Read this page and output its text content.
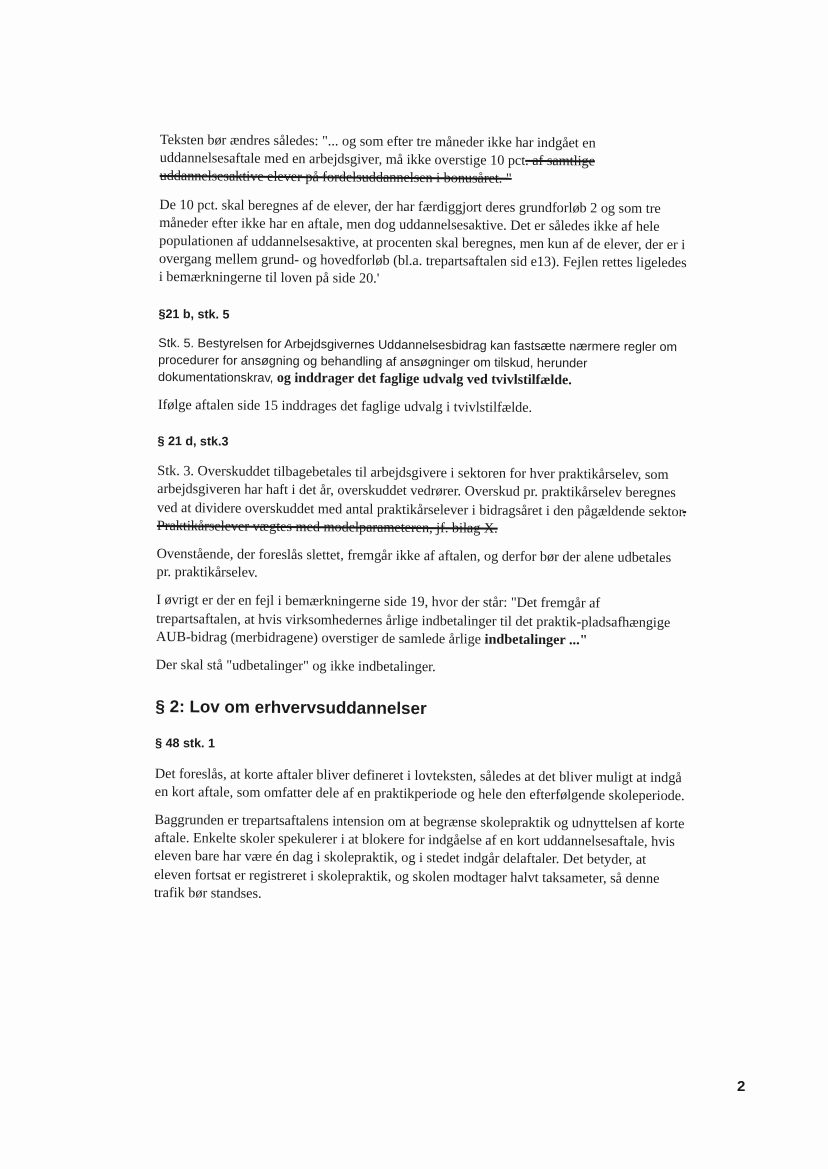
Teksten bør ændres således: "... og som efter tre måneder ikke har indgået en uddannelsesaftale med en arbejdsgiver, må ikke overstige 10 pct. af samtlige uddannelsesaktive elever på fordelsuddannelsen i bonusåret. "

De 10 pct. skal beregnes af de elever, der har færdiggjort deres grundforløb 2 og som tre måneder efter ikke har en aftale, men dog uddannelsesaktive. Det er således ikke af hele populationen af uddannelsesaktive, at procenten skal beregnes, men kun af de elever, der er i overgang mellem grund- og hovedforløb (bl.a. trepartsaftalen sid e13). Fejlen rettes ligeledes i bemærkningerne til loven på side 20.'

§21 b, stk. 5

Stk. 5. Bestyrelsen for Arbejdsgivernes Uddannelsesbidrag kan fastsætte nærmere regler om procedurer for ansøgning og behandling af ansøgninger om tilskud, herunder dokumentationskrav, og inddrager det faglige udvalg ved tvivlstilfælde.

Ifølge aftalen side 15 inddrages det faglige udvalg i tvivlstilfælde.

§ 21 d, stk.3

Stk. 3. Overskuddet tilbagebetales til arbejdsgivere i sektoren for hver praktikårselev, som arbejdsgiveren har haft i det år, overskuddet vedrører. Overskud pr. praktikårselev beregnes ved at dividere overskuddet med antal praktikårselever i bidragsåret i den pågældende sektor. Praktikårselever vægtes med modelparameteren, jf. bilag X.

Ovenstående, der foreslås slettet, fremgår ikke af aftalen, og derfor bør der alene udbetales pr. praktikårselev.

I øvrigt er der en fejl i bemærkningerne side 19, hvor der står: "Det fremgår af trepartsaftalen, at hvis virksomhedernes årlige indbetalinger til det praktik-pladsafhængige AUB-bidrag (merbidragene) overstiger de samlede årlige indbetalinger ..."

Der skal stå "udbetalinger" og ikke indbetalinger.

§ 2: Lov om erhvervsuddannelser
§ 48 stk. 1

Det foreslås, at korte aftaler bliver defineret i lovteksten, således at det bliver muligt at indgå en kort aftale, som omfatter dele af en praktikperiode og hele den efterfølgende skoleperiode.

Baggrunden er trepartsaftalens intension om at begrænse skolepraktik og udnyttelsen af korte aftale. Enkelte skoler spekulerer i at blokere for indgåelse af en kort uddannelsesaftale, hvis eleven bare har være én dag i skolepraktik, og i stedet indgår delaftaler. Det betyder, at eleven fortsat er registreret i skolepraktik, og skolen modtager halvt taksameter, så denne trafik bør standses.

2
